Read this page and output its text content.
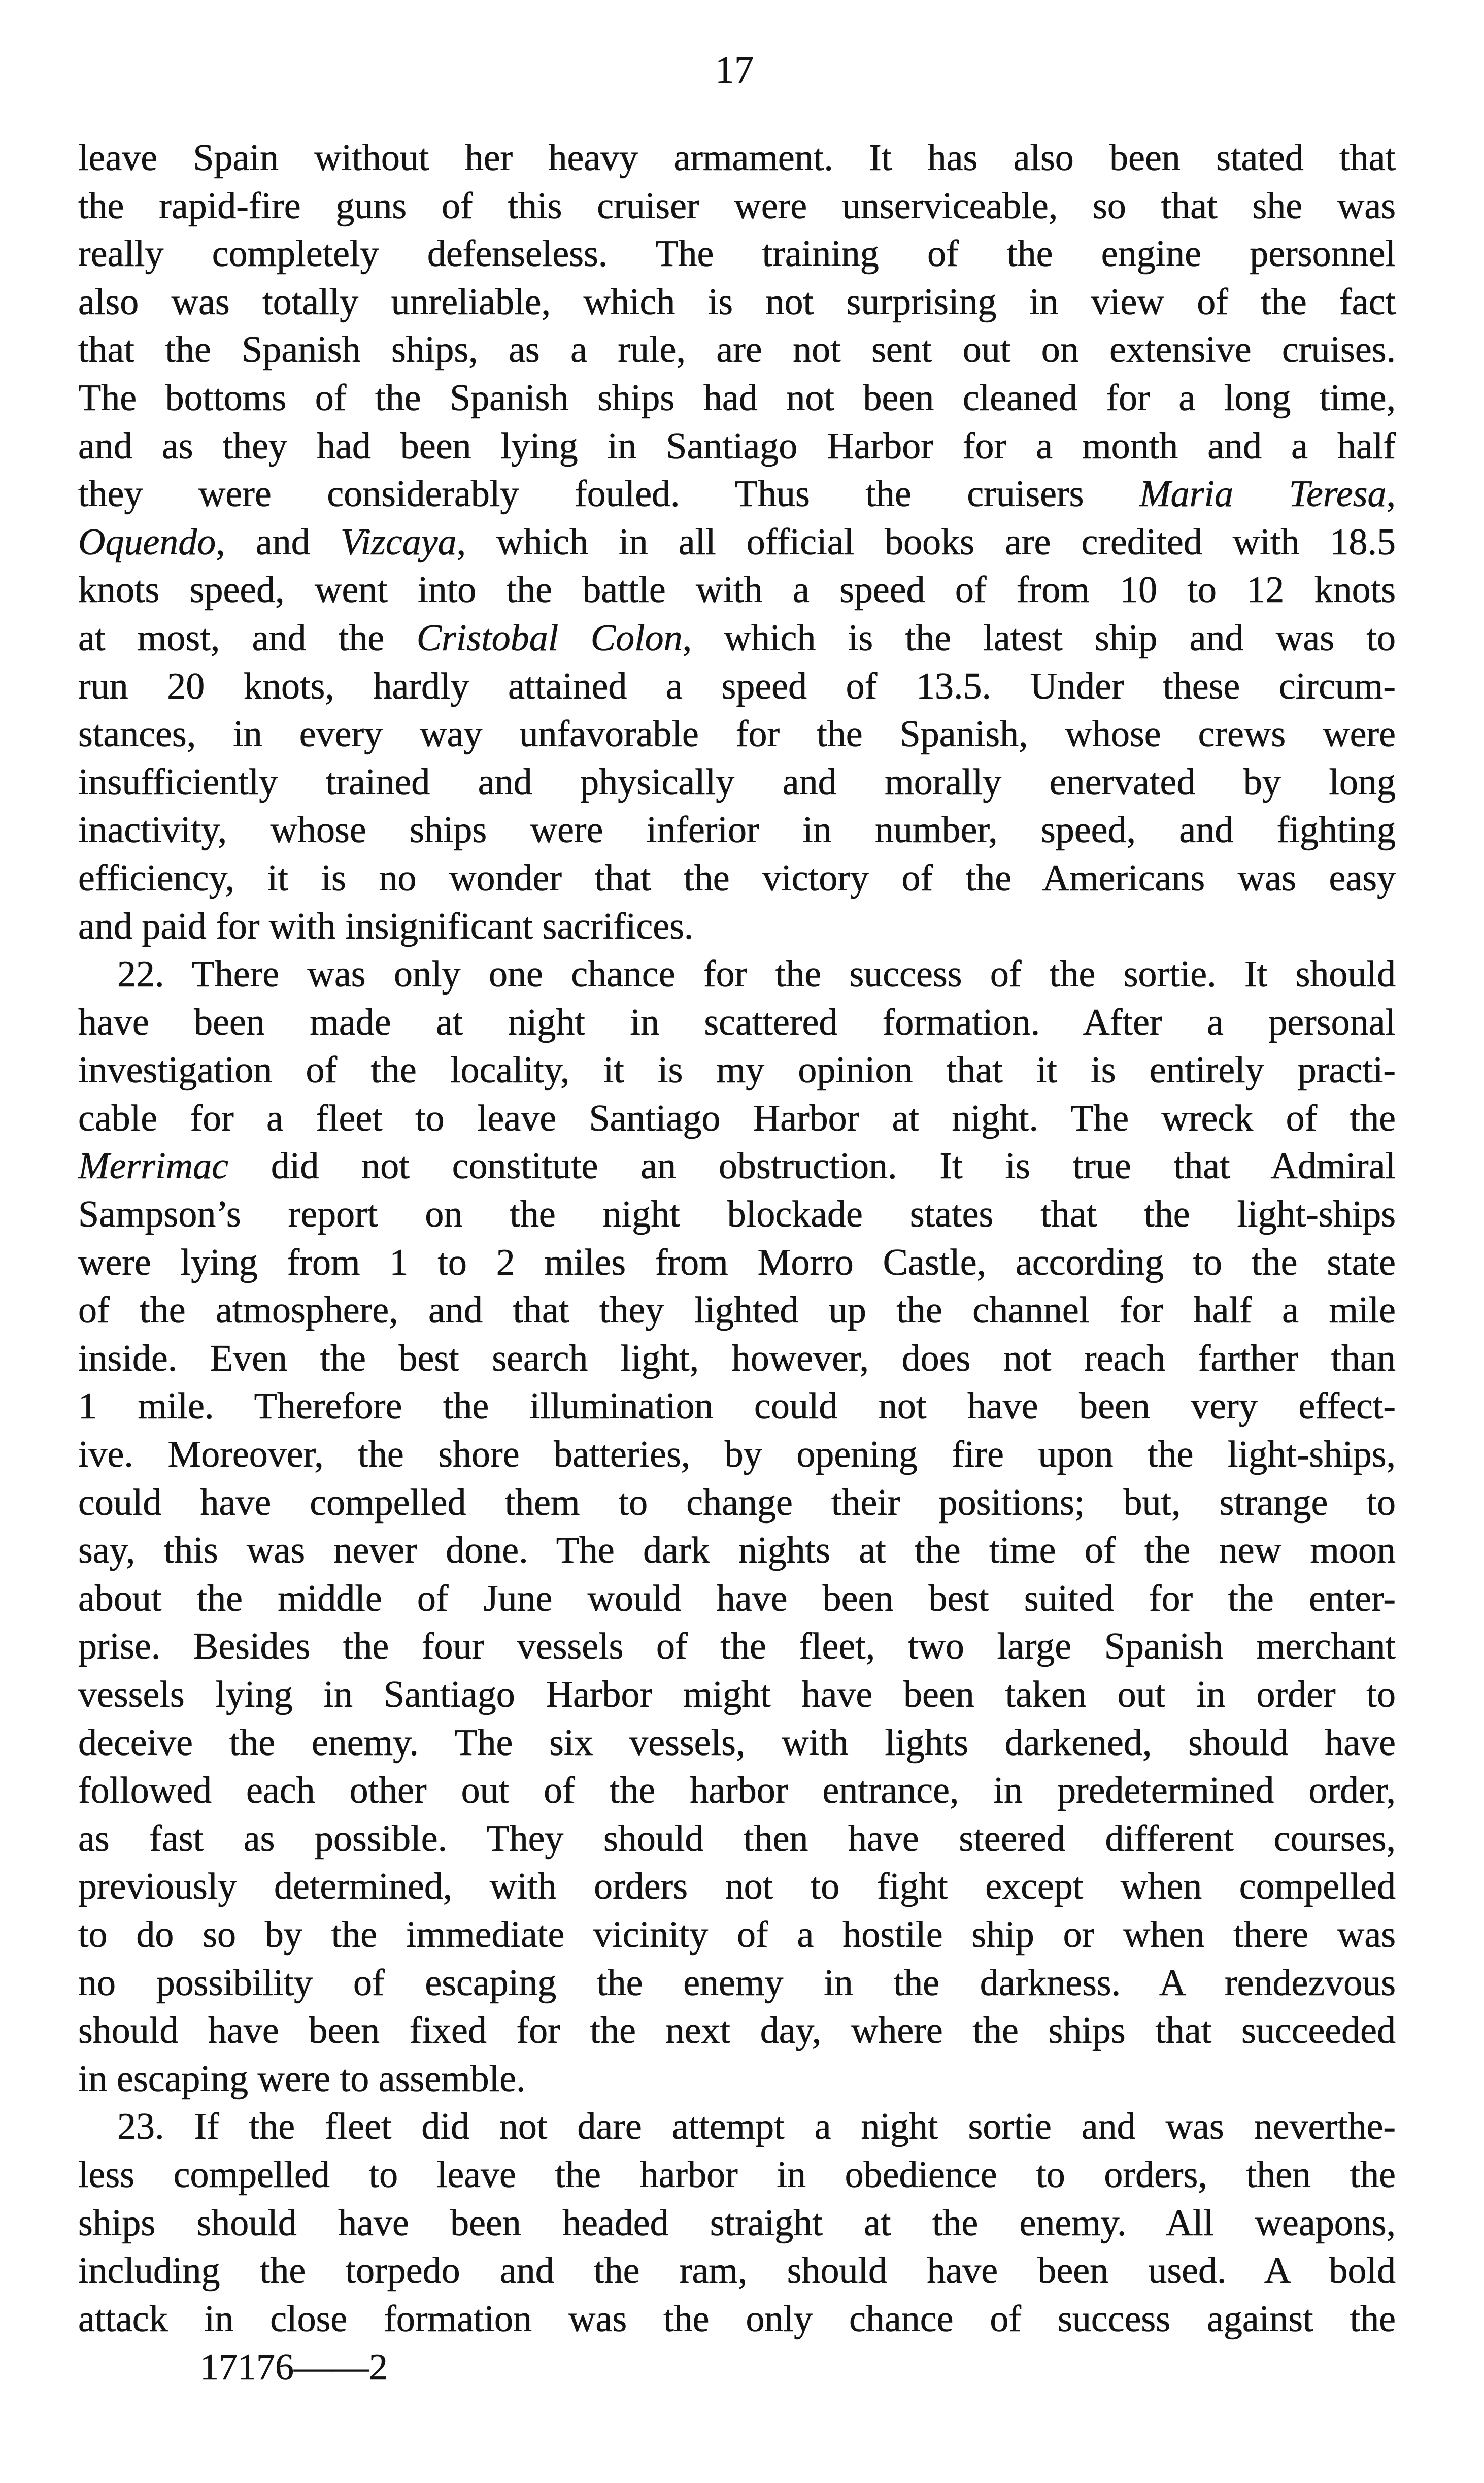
17
leave Spain without her heavy armament. It has also been stated that
the rapid-fire guns of this cruiser were unserviceable, so that she was
really completely defenseless. The training of the engine personnel
also was totally unreliable, which is not surprising in view of the fact
that the Spanish ships, as a rule, are not sent out on extensive cruises.
The bottoms of the Spanish ships had not been cleaned for a long time,
and as they had been lying in Santiago Harbor for a month and a half
they were considerably fouled. Thus the cruisers Maria Teresa,
Oquendo, and Vizcaya, which in all official books are credited with 18.5
knots speed, went into the battle with a speed of from 10 to 12 knots
at most, and the Cristobal Colon, which is the latest ship and was to
run 20 knots, hardly attained a speed of 13.5. Under these circum-
stances, in every way unfavorable for the Spanish, whose crews were
insufficiently trained and physically and morally enervated by long
inactivity, whose ships were inferior in number, speed, and fighting
efficiency, it is no wonder that the victory of the Americans was easy
and paid for with insignificant sacrifices.
22. There was only one chance for the success of the sortie. It should
have been made at night in scattered formation. After a personal
investigation of the locality, it is my opinion that it is entirely practi-
cable for a fleet to leave Santiago Harbor at night. The wreck of the
Merrimac did not constitute an obstruction. It is true that Admiral
Sampson’s report on the night blockade states that the light-ships
were lying from 1 to 2 miles from Morro Castle, according to the state
of the atmosphere, and that they lighted up the channel for half a mile
inside. Even the best search light, however, does not reach farther than
1 mile. Therefore the illumination could not have been very effect-
ive. Moreover, the shore batteries, by opening fire upon the light-ships,
could have compelled them to change their positions; but, strange to
say, this was never done. The dark nights at the time of the new moon
about the middle of June would have been best suited for the enter-
prise. Besides the four vessels of the fleet, two large Spanish merchant
vessels lying in Santiago Harbor might have been taken out in order to
deceive the enemy. The six vessels, with lights darkened, should have
followed each other out of the harbor entrance, in predetermined order,
as fast as possible. They should then have steered different courses,
previously determined, with orders not to fight except when compelled
to do so by the immediate vicinity of a hostile ship or when there was
no possibility of escaping the enemy in the darkness. A rendezvous
should have been fixed for the next day, where the ships that succeeded
in escaping were to assemble.
23. If the fleet did not dare attempt a night sortie and was neverthe-
less compelled to leave the harbor in obedience to orders, then the
ships should have been headed straight at the enemy. All weapons,
including the torpedo and the ram, should have been used. A bold
attack in close formation was the only chance of success against the
17176——2
